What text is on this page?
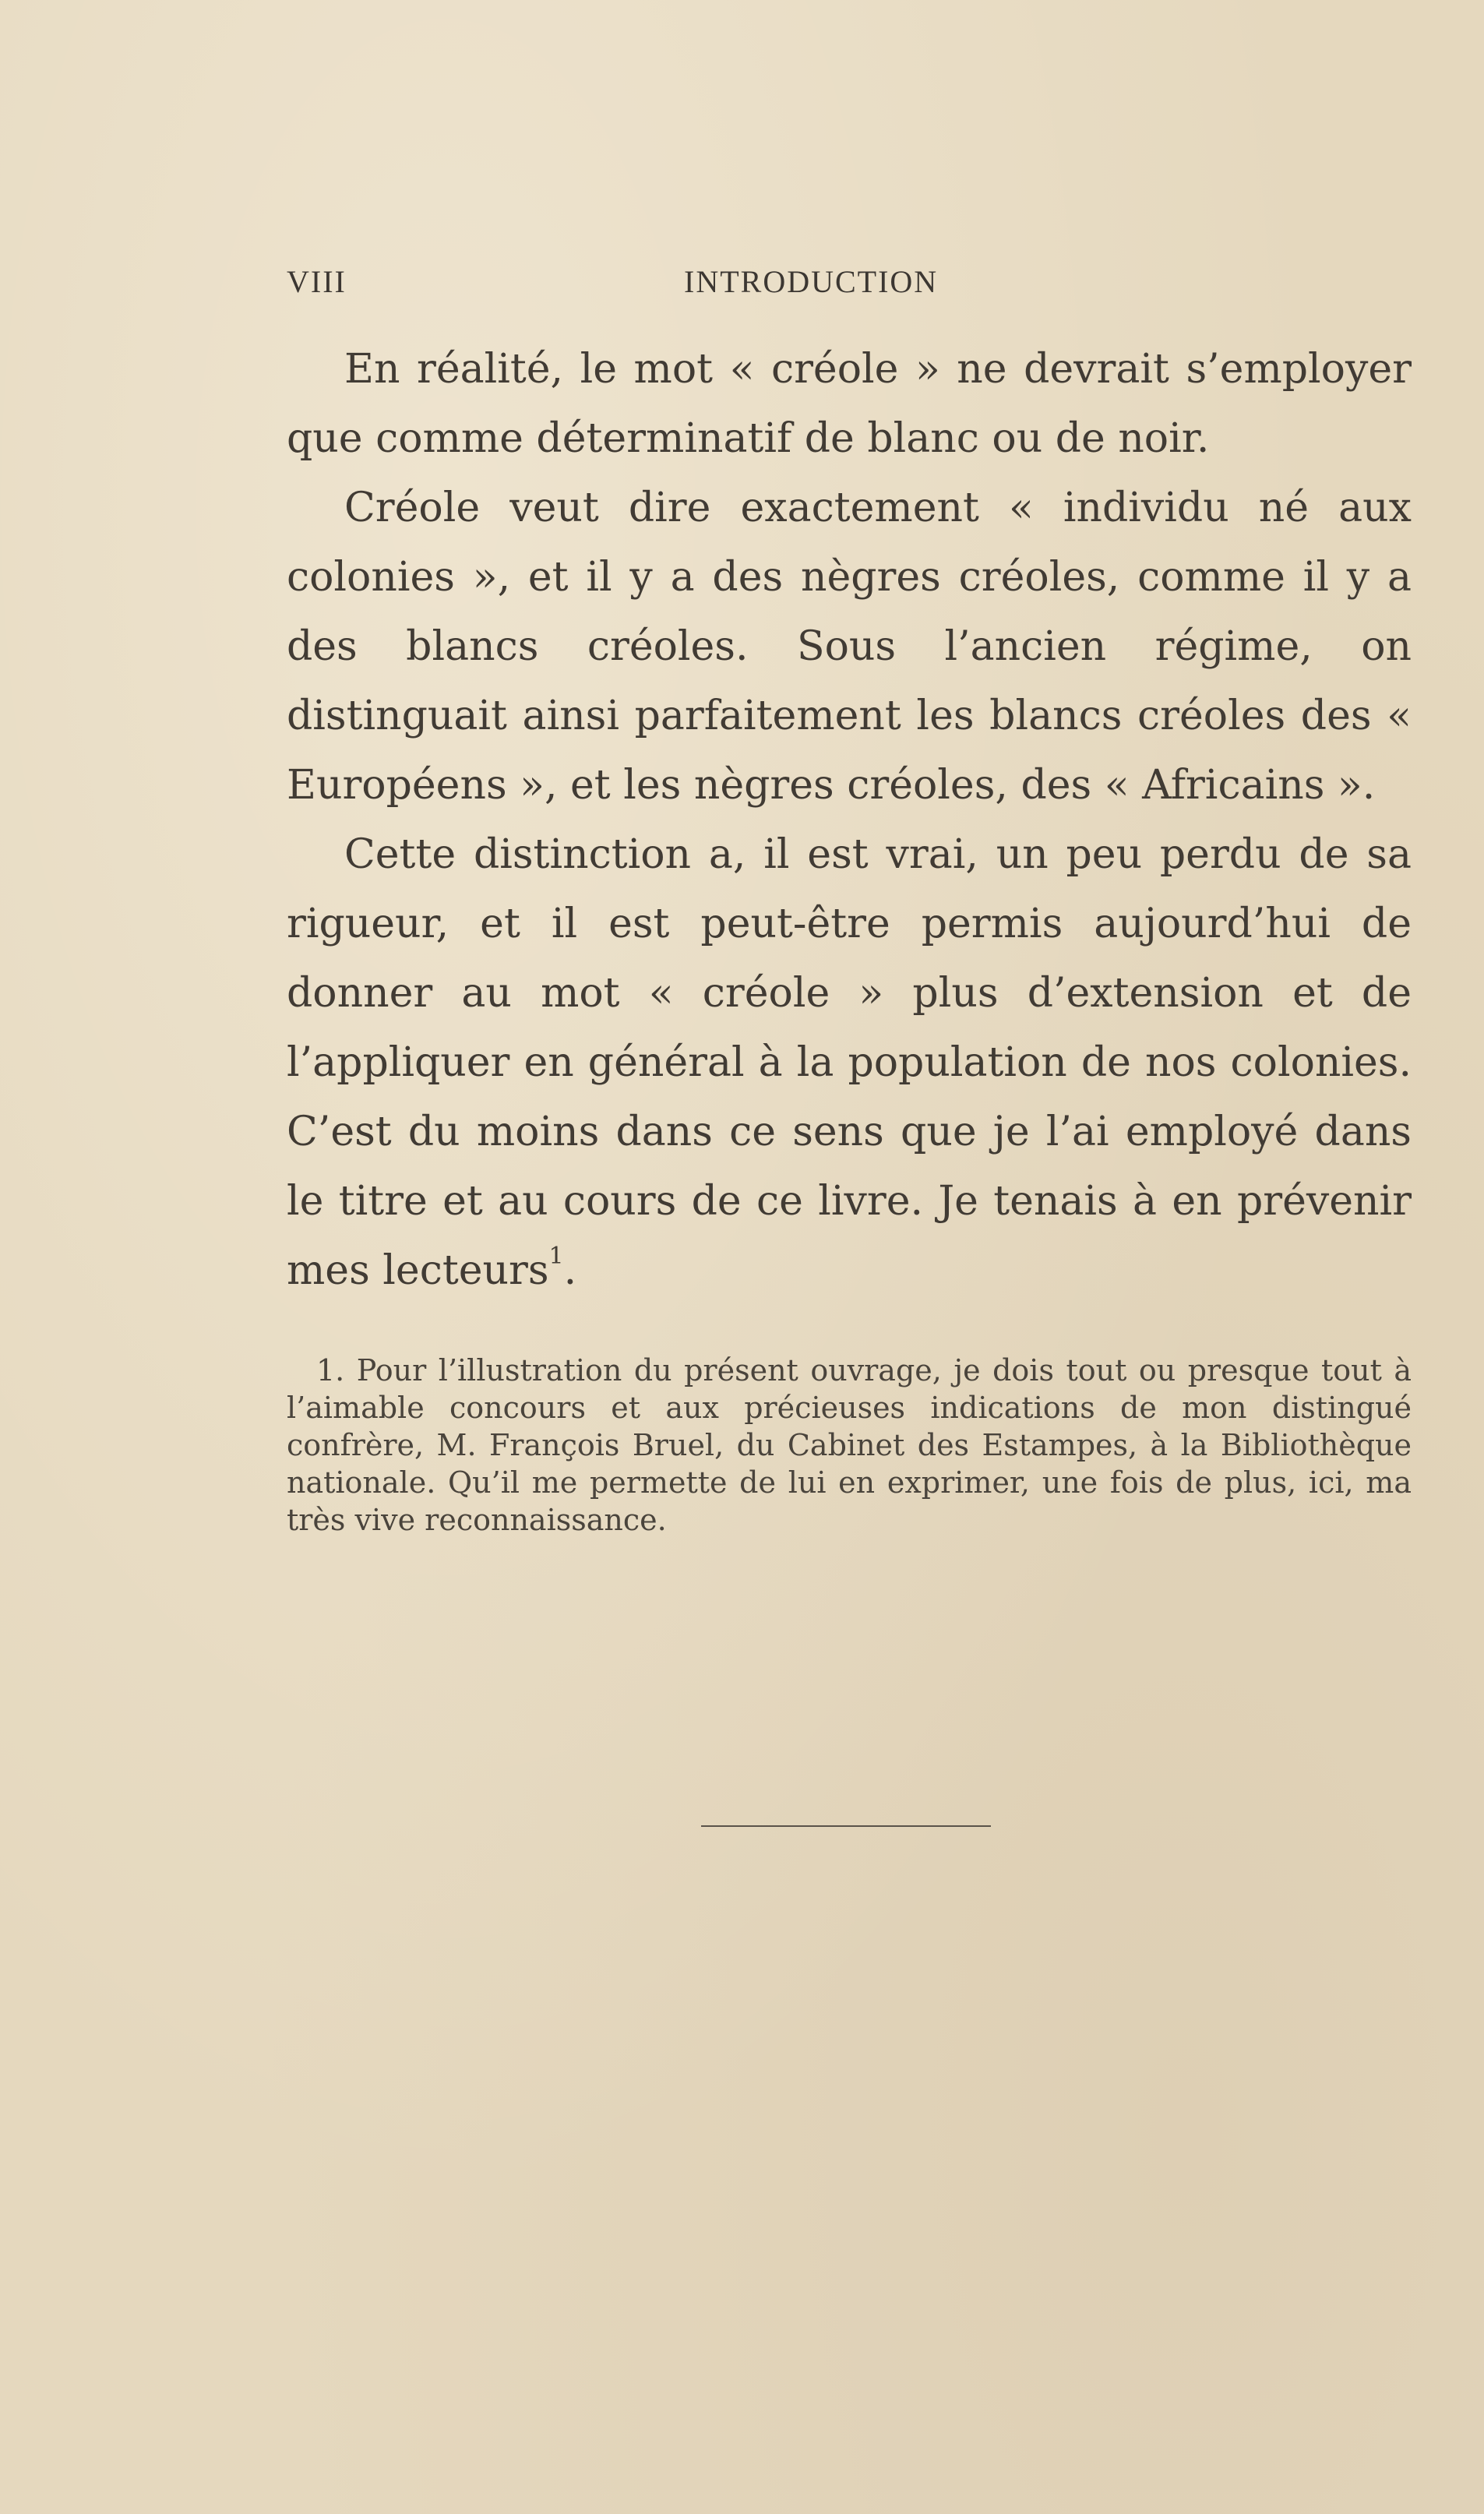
VIII	INTRODUCTION

En réalité, le mot « créole » ne devrait s’employer que comme déterminatif de blanc ou de noir.

Créole veut dire exactement « individu né aux colonies », et il y a des nègres créoles, comme il y a des blancs créoles. Sous l’ancien régime, on distinguait ainsi parfaitement les blancs créoles des « Européens », et les nègres créoles, des « Africains ».

Cette distinction a, il est vrai, un peu perdu de sa rigueur, et il est peut-être permis aujourd’hui de donner au mot « créole » plus d’extension et de l’appliquer en général à la population de nos colonies. C’est du moins dans ce sens que je l’ai employé dans le titre et au cours de ce livre. Je tenais à en prévenir mes lecteurs$^1$.

1. Pour l’illustration du présent ouvrage, je dois tout ou presque tout à l’aimable concours et aux précieuses indications de mon distingué confrère, M. François Bruel, du Cabinet des Estampes, à la Bibliothèque nationale. Qu’il me permette de lui en exprimer, une fois de plus, ici, ma très vive reconnaissance.
